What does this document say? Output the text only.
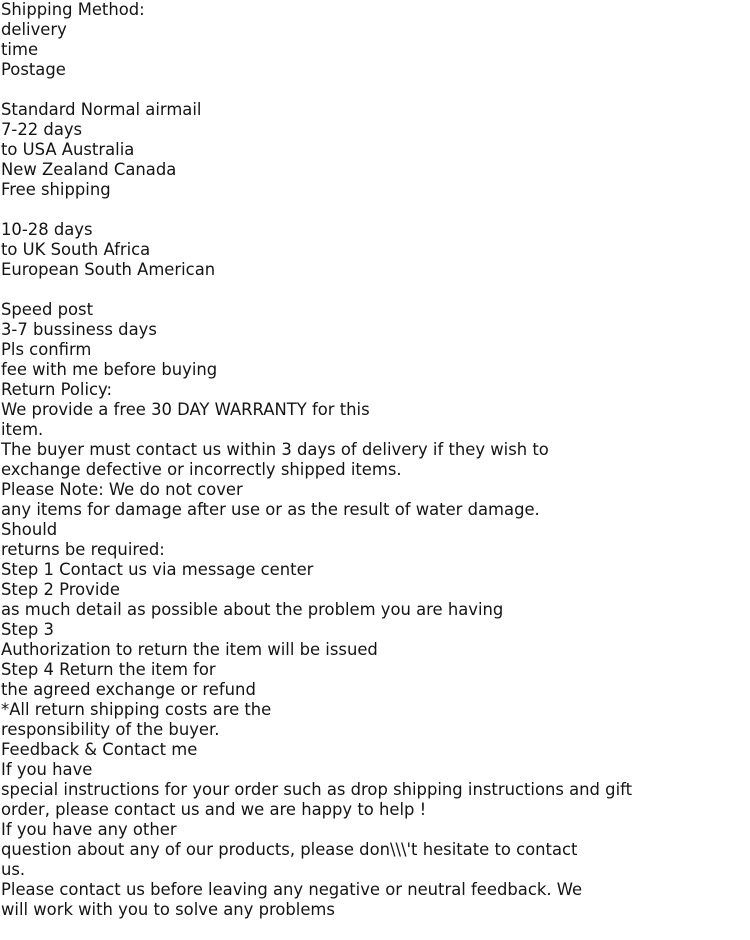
Shipping Method:
delivery
time
Postage
Standard Normal airmail
7-22 days
to USA Australia
New Zealand Canada
Free shipping
10-28 days
to UK South Africa
European South American
Speed post
3-7 bussiness days
Pls confirm
fee with me before buying
Return Policy:
We provide a free 30 DAY WARRANTY for this
item.
The buyer must contact us within 3 days of delivery if they wish to
exchange defective or incorrectly shipped items.
Please Note: We do not cover
any items for damage after use or as the result of water damage.
Should
returns be required:
Step 1 Contact us via message center
Step 2 Provide
as much detail as possible about the problem you are having
Step 3
Authorization to return the item will be issued
Step 4 Return the item for
the agreed exchange or refund
*All return shipping costs are the
responsibility of the buyer.
Feedback & Contact me
If you have
special instructions for your order such as drop shipping instructions and gift
order, please contact us and we are happy to help !
If you have any other
question about any of our products, please don\\\'t hesitate to contact
us.
Please contact us before leaving any negative or neutral feedback. We
will work with you to solve any problems
